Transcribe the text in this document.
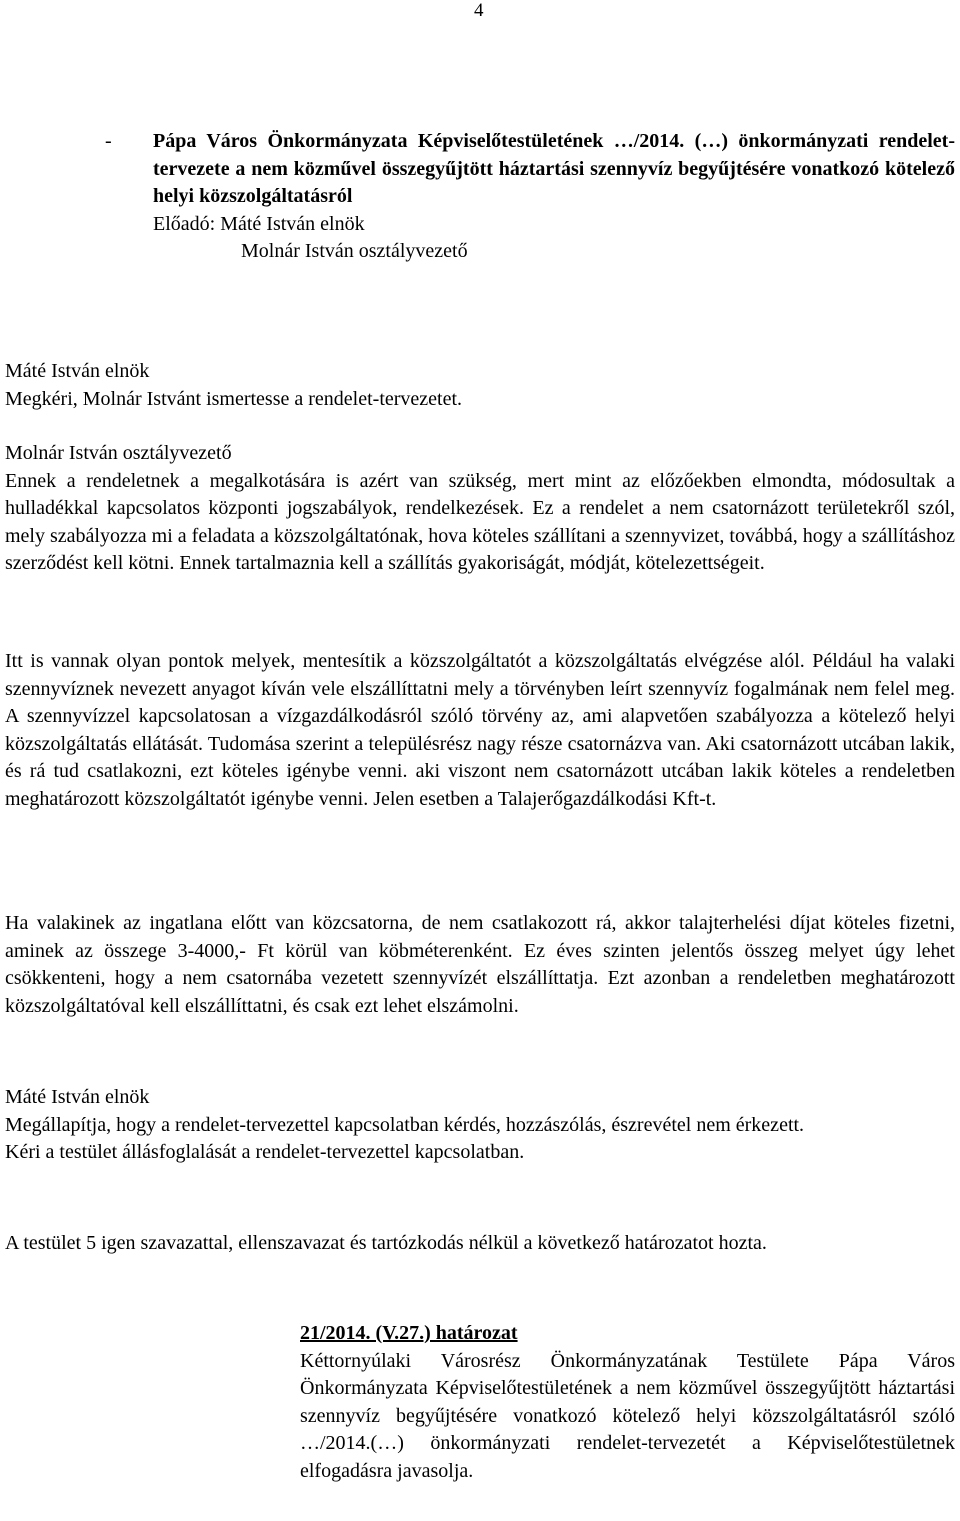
4
- Pápa Város Önkormányzata Képviselőtestületének …/2014. (…) önkormányzati rendelet-tervezete a nem közművel összegyűjtött háztartási szennyvíz begyűjtésére vonatkozó kötelező helyi közszolgáltatásról
Előadó: Máté István elnök
Molnár István osztályvezető
Máté István elnök

Megkéri, Molnár Istvánt ismertesse a rendelet-tervezetet.

Molnár István osztályvezető

Ennek a rendeletnek a megalkotására is azért van szükség, mert mint az előzőekben elmondta, módosultak a hulladékkal kapcsolatos központi jogszabályok, rendelkezések. Ez a rendelet a nem csatornázott területekről szól, mely szabályozza mi a feladata a közszolgáltatónak, hova köteles szállítani a szennyvizet, továbbá, hogy a szállításhoz szerződést kell kötni. Ennek tartalmaznia kell a szállítás gyakoriságát, módját, kötelezettségeit.

Itt is vannak olyan pontok melyek, mentesítik a közszolgáltatót a közszolgáltatás elvégzése alól. Például ha valaki szennyvíznek nevezett anyagot kíván vele elszállíttatni mely a törvényben leírt szennyvíz fogalmának nem felel meg. A szennyvízzel kapcsolatosan a vízgazdálkodásról szóló törvény az, ami alapvetően szabályozza a kötelező helyi közszolgáltatás ellátását. Tudomása szerint a településrész nagy része csatornázva van. Aki csatornázott utcában lakik, és rá tud csatlakozni, ezt köteles igénybe venni. aki viszont nem csatornázott utcában lakik köteles a rendeletben meghatározott közszolgáltatót igénybe venni. Jelen esetben a Talajerőgazdálkodási Kft-t.

Ha valakinek az ingatlana előtt van közcsatorna, de nem csatlakozott rá, akkor talajterhelési díjat köteles fizetni, aminek az összege 3-4000,- Ft körül van köbméterenként. Ez éves szinten jelentős összeg melyet úgy lehet csökkenteni, hogy a nem csatornába vezetett szennyvízét elszállíttatja. Ezt azonban a rendeletben meghatározott közszolgáltatóval kell elszállíttatni, és csak ezt lehet elszámolni.

Máté István elnök

Megállapítja, hogy a rendelet-tervezettel kapcsolatban kérdés, hozzászólás, észrevétel nem érkezett.

Kéri a testület állásfoglalását a rendelet-tervezettel kapcsolatban.

A testület 5 igen szavazattal, ellenszavazat és tartózkodás nélkül a következő határozatot hozta.

21/2014. (V.27.) határozat

Kéttornyúlaki Városrész Önkormányzatának Testülete Pápa Város Önkormányzata Képviselőtestületének a nem közművel összegyűjtött háztartási szennyvíz begyűjtésére vonatkozó kötelező helyi közszolgáltatásról szóló …/2014.(…) önkormányzati rendelet-tervezetét a Képviselőtestületnek elfogadásra javasolja.
